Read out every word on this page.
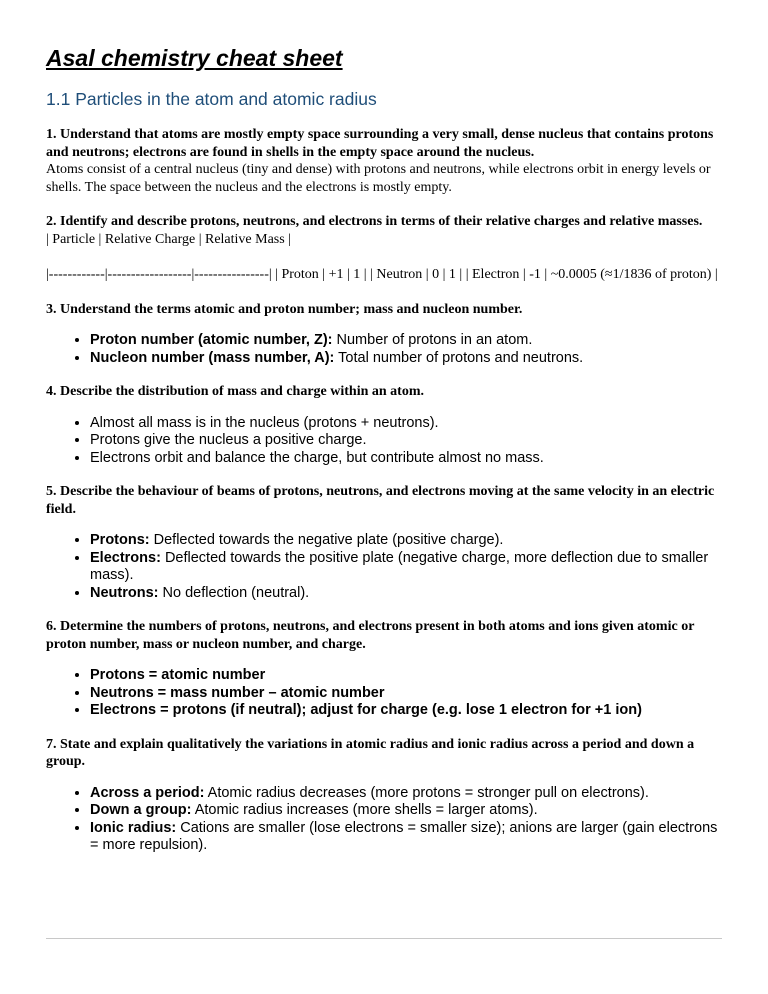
Asal chemistry cheat sheet
1.1 Particles in the atom and atomic radius

1. Understand that atoms are mostly empty space surrounding a very small, dense nucleus that contains protons and neutrons; electrons are found in shells in the empty space around the nucleus.

Atoms consist of a central nucleus (tiny and dense) with protons and neutrons, while electrons orbit in energy levels or shells. The space between the nucleus and the electrons is mostly empty.

2. Identify and describe protons, neutrons, and electrons in terms of their relative charges and relative masses.

| Particle | Relative Charge | Relative Mass |

|------------|------------------|----------------| | Proton | +1 | 1 | | Neutron | 0 | 1 | | Electron | -1 | ~0.0005 (≈1/1836 of proton) |

3. Understand the terms atomic and proton number; mass and nucleon number.

• Proton number (atomic number, Z): Number of protons in an atom.
• Nucleon number (mass number, A): Total number of protons and neutrons.

4. Describe the distribution of mass and charge within an atom.

• Almost all mass is in the nucleus (protons + neutrons).
• Protons give the nucleus a positive charge.
• Electrons orbit and balance the charge, but contribute almost no mass.

5. Describe the behaviour of beams of protons, neutrons, and electrons moving at the same velocity in an electric field.

• Protons: Deflected towards the negative plate (positive charge).
• Electrons: Deflected towards the positive plate (negative charge, more deflection due to smaller mass).
• Neutrons: No deflection (neutral).

6. Determine the numbers of protons, neutrons, and electrons present in both atoms and ions given atomic or proton number, mass or nucleon number, and charge.

• Protons = atomic number
• Neutrons = mass number – atomic number
• Electrons = protons (if neutral); adjust for charge (e.g. lose 1 electron for +1 ion)

7. State and explain qualitatively the variations in atomic radius and ionic radius across a period and down a group.

• Across a period: Atomic radius decreases (more protons = stronger pull on electrons).
• Down a group: Atomic radius increases (more shells = larger atoms).
• Ionic radius: Cations are smaller (lose electrons = smaller size); anions are larger (gain electrons = more repulsion).
